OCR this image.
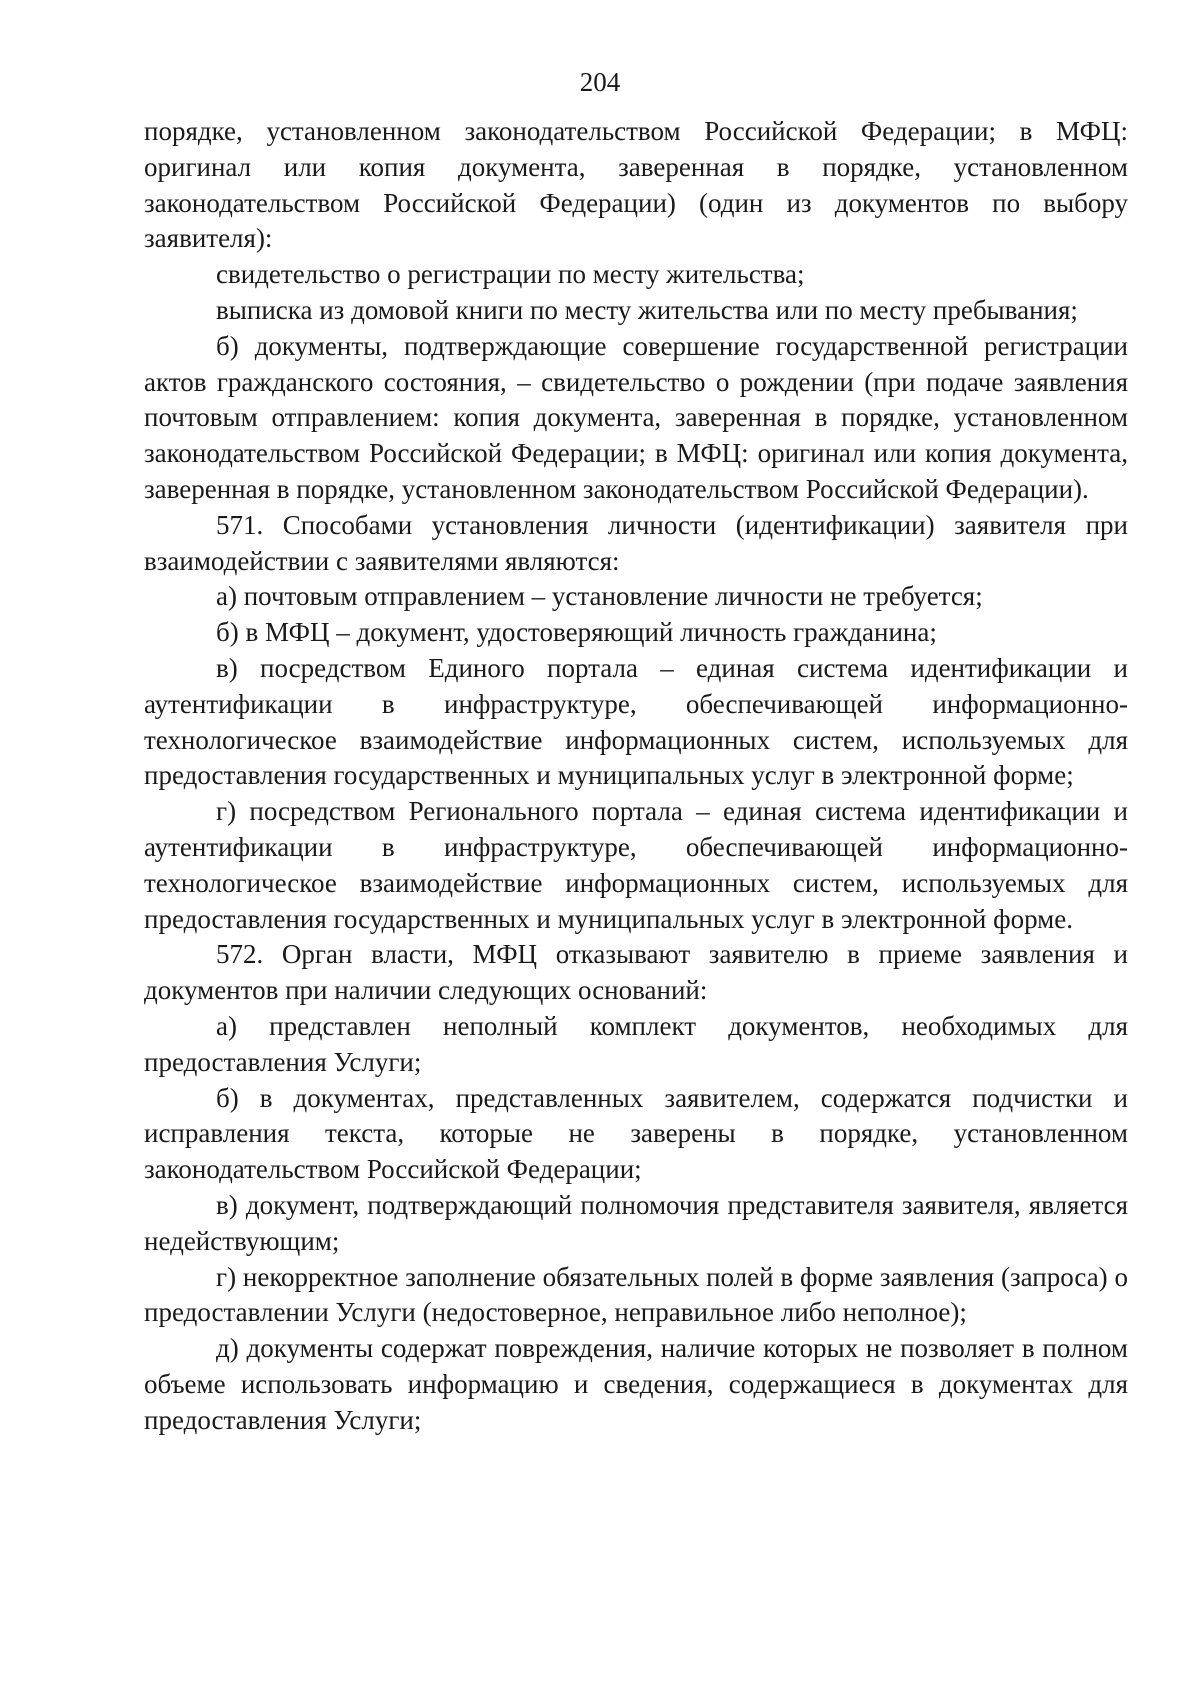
204

порядке, установленном законодательством Российской Федерации; в МФЦ: оригинал или копия документа, заверенная в порядке, установленном законодательством Российской Федерации) (один из документов по выбору заявителя):

свидетельство о регистрации по месту жительства;

выписка из домовой книги по месту жительства или по месту пребывания;

б) документы, подтверждающие совершение государственной регистрации актов гражданского состояния, – свидетельство о рождении (при подаче заявления почтовым отправлением: копия документа, заверенная в порядке, установленном законодательством Российской Федерации; в МФЦ: оригинал или копия документа, заверенная в порядке, установленном законодательством Российской Федерации).

571. Способами установления личности (идентификации) заявителя при взаимодействии с заявителями являются:

а) почтовым отправлением – установление личности не требуется;

б) в МФЦ – документ, удостоверяющий личность гражданина;

в) посредством Единого портала – единая система идентификации и аутентификации в инфраструктуре, обеспечивающей информационно-технологическое взаимодействие информационных систем, используемых для предоставления государственных и муниципальных услуг в электронной форме;

г) посредством Регионального портала – единая система идентификации и аутентификации в инфраструктуре, обеспечивающей информационно-технологическое взаимодействие информационных систем, используемых для предоставления государственных и муниципальных услуг в электронной форме.

572. Орган власти, МФЦ отказывают заявителю в приеме заявления и документов при наличии следующих оснований:

а) представлен неполный комплект документов, необходимых для предоставления Услуги;

б) в документах, представленных заявителем, содержатся подчистки и исправления текста, которые не заверены в порядке, установленном законодательством Российской Федерации;

в) документ, подтверждающий полномочия представителя заявителя, является недействующим;

г) некорректное заполнение обязательных полей в форме заявления (запроса) о предоставлении Услуги (недостоверное, неправильное либо неполное);

д) документы содержат повреждения, наличие которых не позволяет в полном объеме использовать информацию и сведения, содержащиеся в документах для предоставления Услуги;
